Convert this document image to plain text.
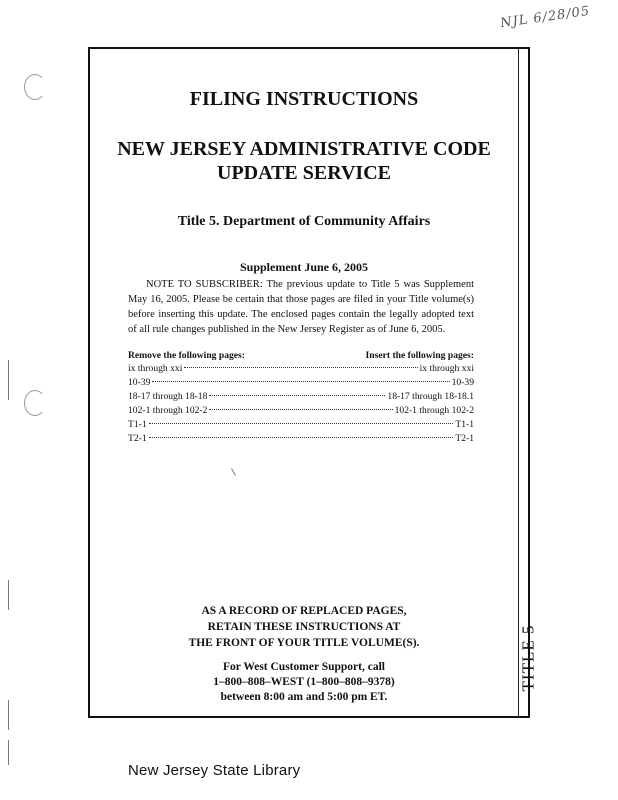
NJL 6/28/05
TITLE 5
FILING INSTRUCTIONS
NEW JERSEY ADMINISTRATIVE CODE
UPDATE SERVICE
Title 5. Department of Community Affairs
Supplement June 6, 2005
NOTE TO SUBSCRIBER: The previous update to Title 5 was Supplement May 16, 2005. Please be certain that those pages are filed in your Title volume(s) before inserting this update. The enclosed pages contain the legally adopted text of all rule changes published in the New Jersey Register as of June 6, 2005.
Remove the following pages:	Insert the following pages:
ix through xxi	ix through xxi
10-39	10-39
18-17 through 18-18	18-17 through 18-18.1
102-1 through 102-2	102-1 through 102-2
T1-1	T1-1
T2-1	T2-1
AS A RECORD OF REPLACED PAGES,
RETAIN THESE INSTRUCTIONS AT
THE FRONT OF YOUR TITLE VOLUME(S).
For West Customer Support, call
1–800–808–WEST (1–800–808–9378)
between 8:00 am and 5:00 pm ET.
New Jersey State Library
